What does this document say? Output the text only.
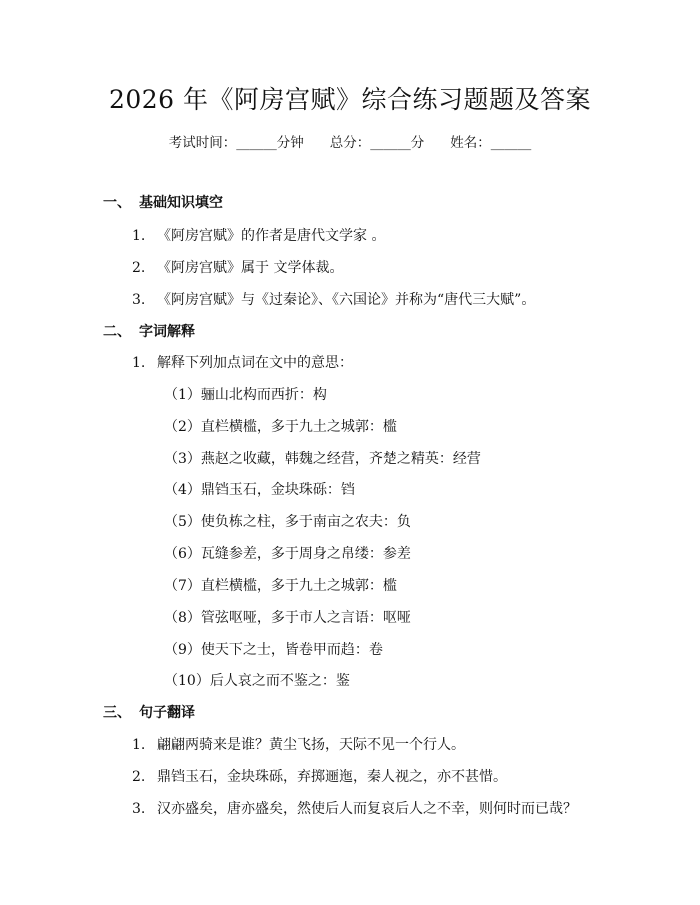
2026 年《阿房宫赋》综合练习题题及答案
考试时间：______分钟 总分：______分 姓名：______
一、 基础知识填空
1. 《阿房宫赋》的作者是唐代文学家 。
2. 《阿房宫赋》属于 文学体裁。
3. 《阿房宫赋》与《过秦论》、《六国论》并称为“唐代三大赋”。
二、 字词解释
1. 解释下列加点词在文中的意思：
（1）骊山北构而西折：构
（2）直栏横槛，多于九土之城郭：槛
（3）燕赵之收藏，韩魏之经营，齐楚之精英：经营
（4）鼎铛玉石，金块珠砾：铛
（5）使负栋之柱，多于南亩之农夫：负
（6）瓦缝参差，多于周身之帛缕：参差
（7）直栏横槛，多于九土之城郭：槛
（8）管弦呕哑，多于市人之言语：呕哑
（9）使天下之士，皆卷甲而趋：卷
（10）后人哀之而不鉴之：鉴
三、 句子翻译
1. 翩翩两骑来是谁？黄尘飞扬，天际不见一个行人。
2. 鼎铛玉石，金块珠砾，弃掷逦迤，秦人视之，亦不甚惜。
3. 汉亦盛矣，唐亦盛矣，然使后人而复哀后人之不幸，则何时而已哉？
